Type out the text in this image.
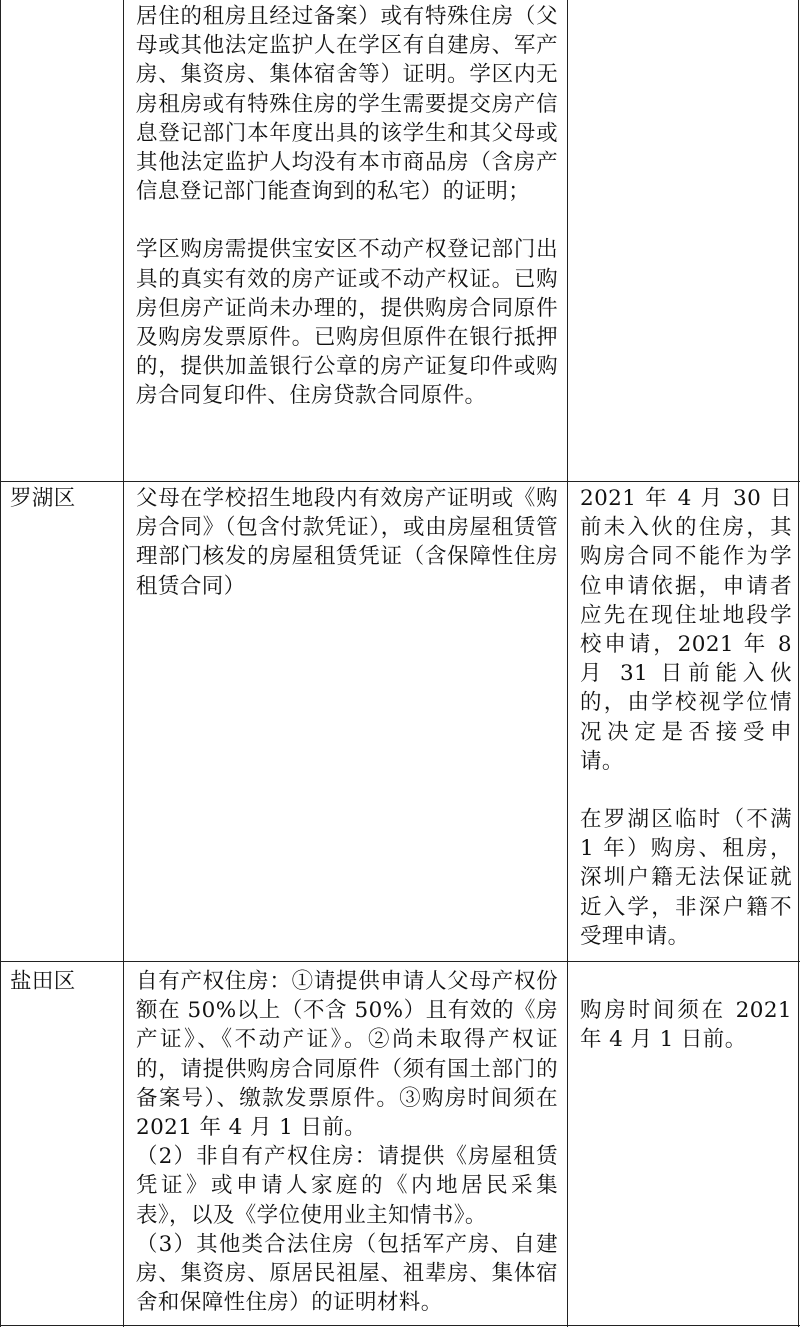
居住的租房且经过备案）或有特殊住房（父母或其他法定监护人在学区有自建房、军产房、集资房、集体宿舍等）证明。学区内无房租房或有特殊住房的学生需要提交房产信息登记部门本年度出具的该学生和其父母或其他法定监护人均没有本市商品房（含房产信息登记部门能查询到的私宅）的证明；

学区购房需提供宝安区不动产权登记部门出具的真实有效的房产证或不动产权证。已购房但房产证尚未办理的，提供购房合同原件及购房发票原件。已购房但原件在银行抵押的，提供加盖银行公章的房产证复印件或购房合同复印件、住房贷款合同原件。

罗湖区	父母在学校招生地段内有效房产证明或《购房合同》（包含付款凭证），或由房屋租赁管理部门核发的房屋租赁凭证（含保障性住房租赁合同）

2021 年 4 月 30 日前未入伙的住房，其购房合同不能作为学位申请依据，申请者应先在现住址地段学校申请，2021 年 8 月 31 日前能入伙的，由学校视学位情况决定是否接受申请。

在罗湖区临时（不满 1 年）购房、租房，深圳户籍无法保证就近入学，非深户籍不受理申请。

盐田区	自有产权住房：①请提供申请人父母产权份额在 50%以上（不含 50%）且有效的《房产证》、《不动产证》。②尚未取得产权证的，请提供购房合同原件（须有国土部门的备案号）、缴款发票原件。③购房时间须在 2021 年 4 月 1 日前。

（2）非自有产权住房：请提供《房屋租赁凭证》或申请人家庭的《内地居民采集表》，以及《学位使用业主知情书》。

（3）其他类合法住房（包括军产房、自建房、集资房、原居民祖屋、祖辈房、集体宿舍和保障性住房）的证明材料。

购房时间须在 2021 年 4 月 1 日前。
